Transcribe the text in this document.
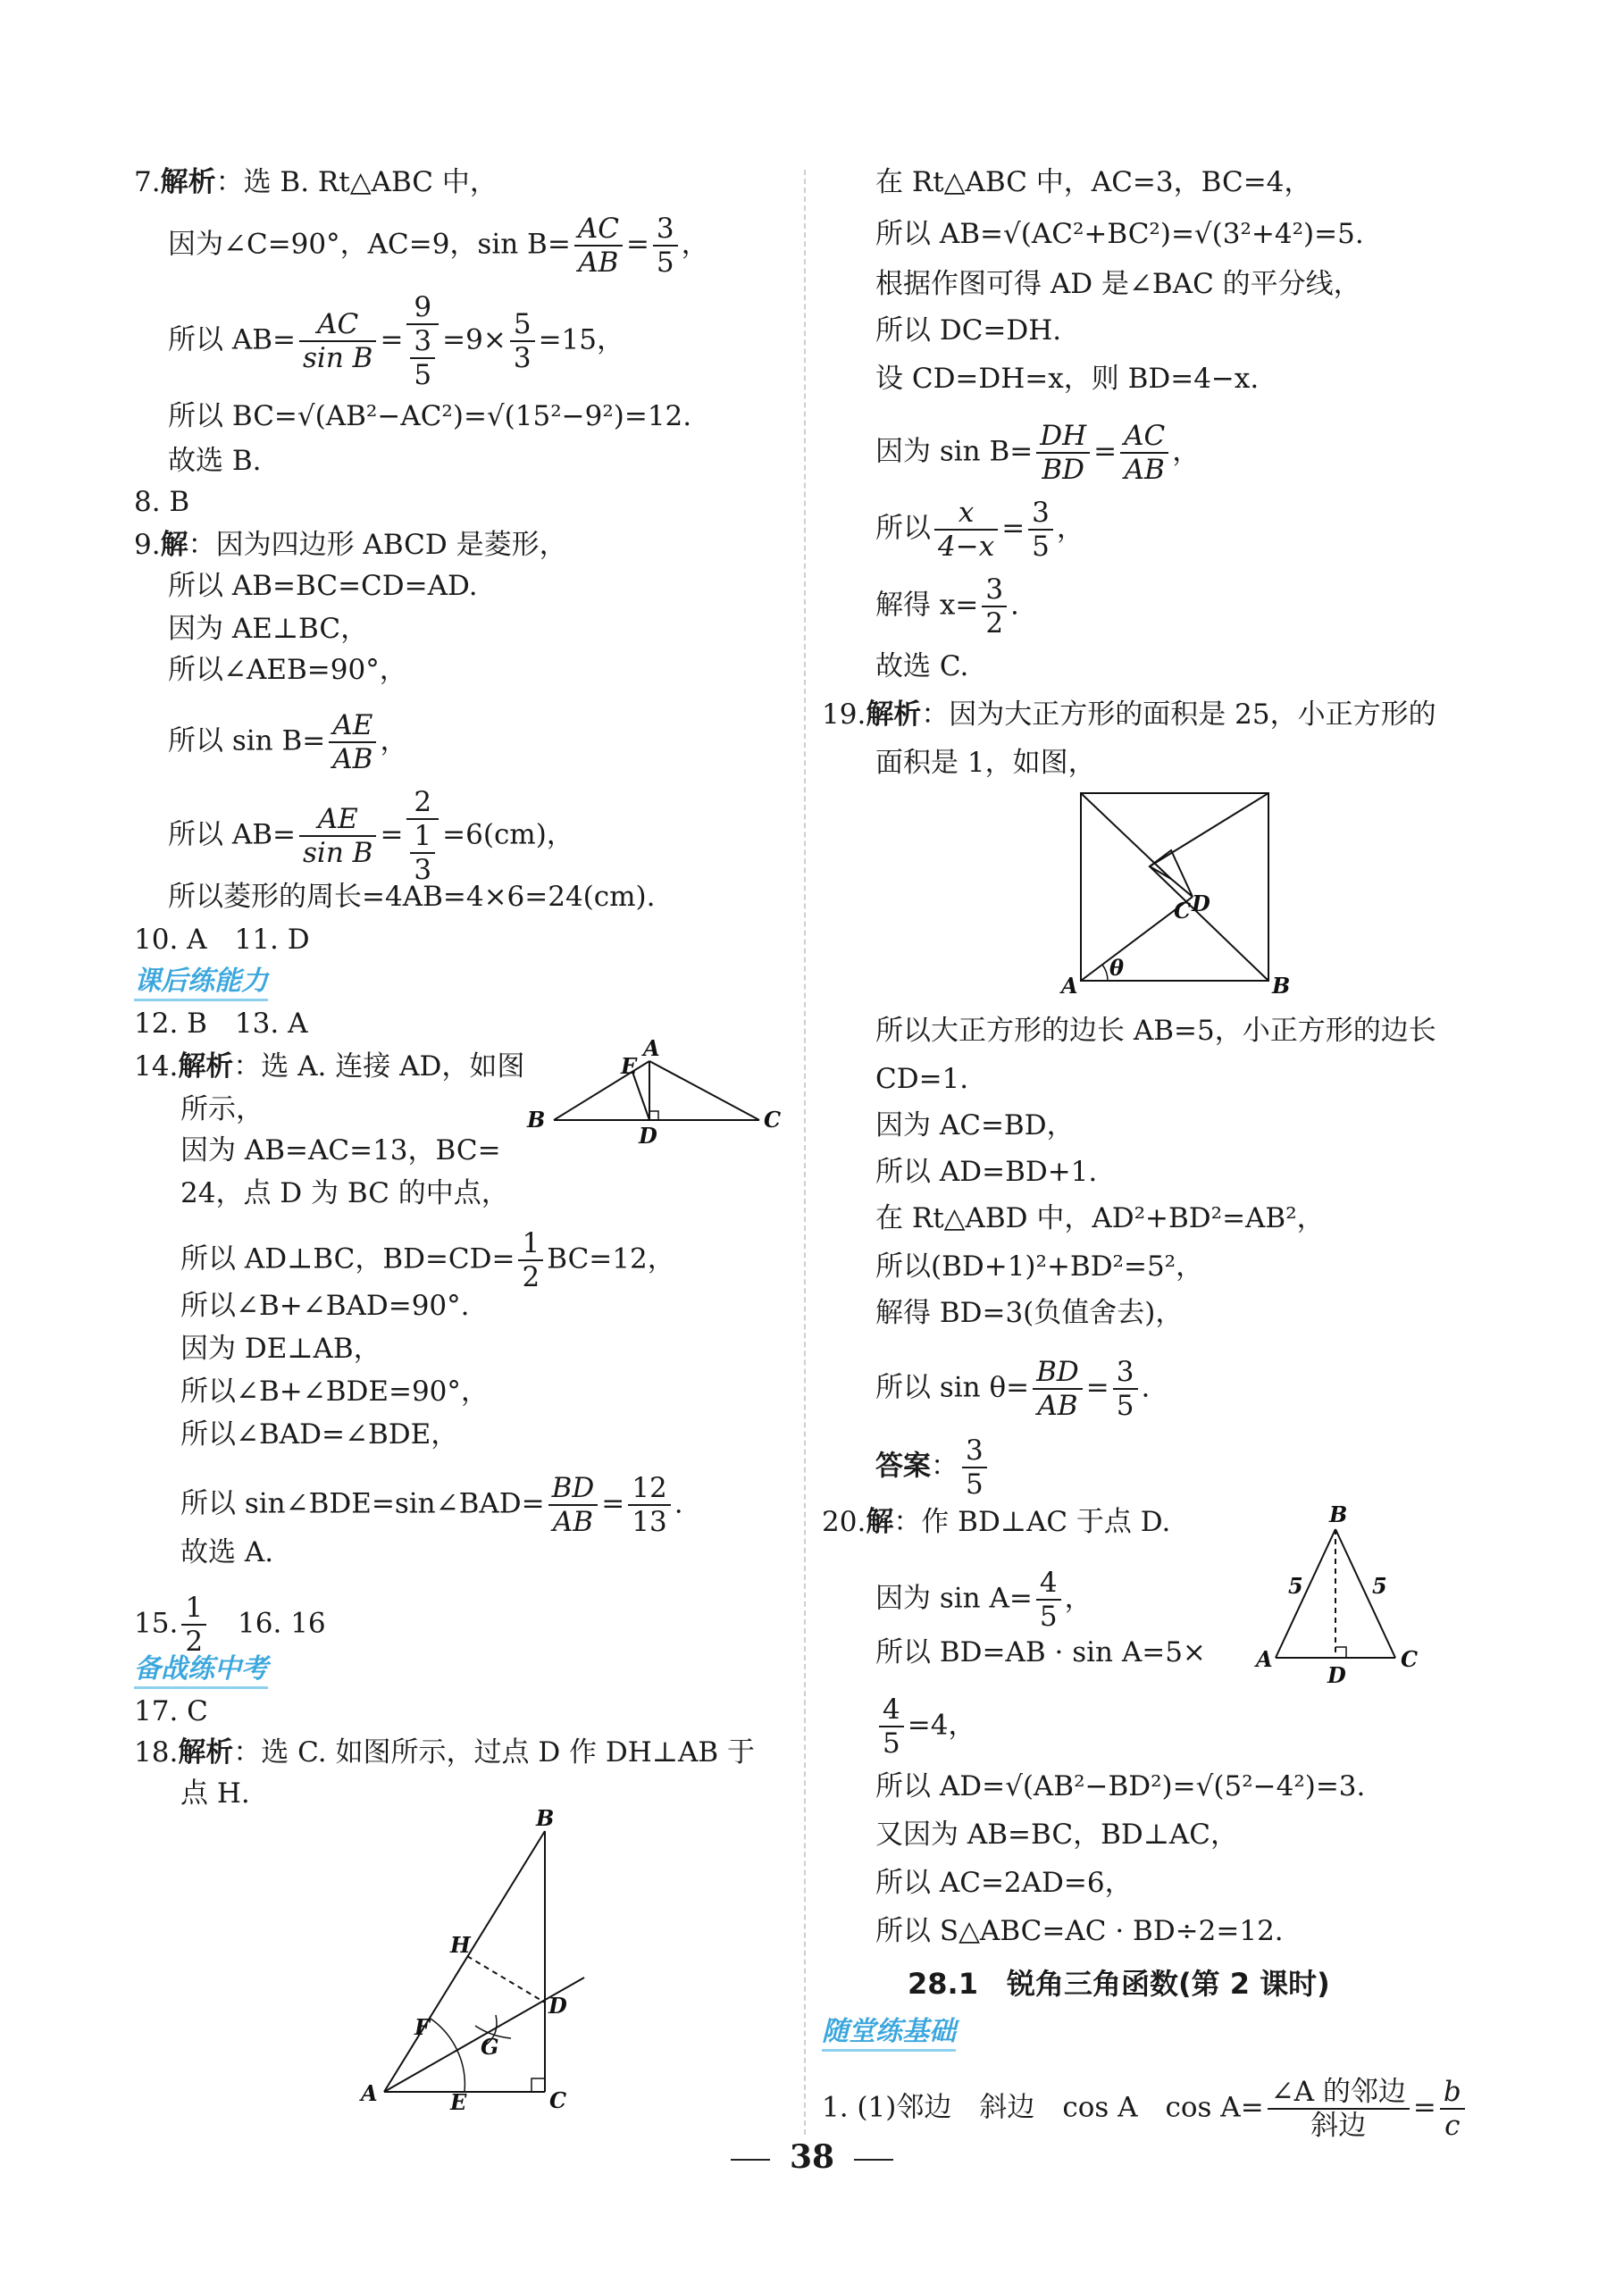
7.解析：选 B. Rt△ABC 中，
因为∠C=90°，AC=9，$\sin B= \frac{AC}{AB} = \frac{3}{5}$ ，
所以 $AB= \frac{AC}{\text{sin B}} = \frac{9}{\frac{3}{5}} =9\times \frac{5}{3} =15$，
所以 BC=√(AB²−AC²)=√(15²−9²)=12.
故选 B.
8. B
9.解：因为四边形 ABCD 是菱形，
所以 AB=BC=CD=AD.
因为 AE⊥BC，
所以∠AEB=90°，
所以 $\sin B= \frac{AE}{AB}$ ，
所以 $AB= \frac{AE}{\text{sin B}} = \frac{2}{\frac{1}{3}} =6(cm)$，
所以菱形的周长=4AB=4×6=24(cm).
10. A　11. D
课后练能力
12. B　13. A
14.解析：选 A. 连接 AD，如图
所示，
因为 AB=AC=13，BC=
24，点 D 为 BC 的中点，
所以 AD⊥BC，$BD=CD= \frac{1}{2} BC=12$，
所以∠B+∠BAD=90°.
因为 DE⊥AB，
所以∠B+∠BDE=90°，
所以∠BAD=∠BDE，
所以 sin∠BDE=sin∠BAD= $\frac{BD}{AB} = \frac{12}{13}$ .
故选 A.
15. $\frac{1}{2}$ 　16. 16
备战练中考
17. C
18.解析：选 C. 如图所示，过点 D 作 DH⊥AB 于
点 H.
B	C
A
E
D
A	C
B
H
D
F
G
E
在 Rt△ABC 中，AC=3，BC=4，
所以 AB=√(AC²+BC²)=√(3²+4²)=5.
根据作图可得 AD 是∠BAC 的平分线，
所以 DC=DH.
设 CD=DH=x，则 BD=4−x.
因为 $\sin B= \frac{DH}{BD} = \frac{AC}{AB}$ ，
所以 $\frac{x}{4-x} = \frac{3}{5}$ ，
解得 $x= \frac{3}{2}$ .
故选 C.
19.解析：因为大正方形的面积是 25，小正方形的
面积是 1，如图，
A	B
C D
θ
所以大正方形的边长 AB=5，小正方形的边长
CD=1.
因为 AC=BD，
所以 AD=BD+1.
在 Rt△ABD 中，AD²+BD²=AB²，
所以(BD+1)²+BD²=5²，
解得 BD=3(负值舍去)，
所以 $\sin \theta= \frac{BD}{AB} = \frac{3}{5}$ .
答案： $\frac{3}{5}$
20.解：作 BD⊥AC 于点 D.
因为 $\sin A= \frac{4}{5}$ ，
所以 BD=AB · sin A=5×
$\frac{4}{5} =4$，
B
A	C
D
5	5
所以 AD=√(AB²−BD²)=√(5²−4²)=3.
又因为 AB=BC，BD⊥AC，
所以 AC=2AD=6，
所以 S△ABC=AC · BD÷2=12.
28.1　锐角三角函数(第 2 课时)
随堂练基础
1. (1)邻边　斜边　cos A　$\cos A= \frac{\text{∠A 的邻边}}{\text{斜边}} = \frac{b}{c}$
38
